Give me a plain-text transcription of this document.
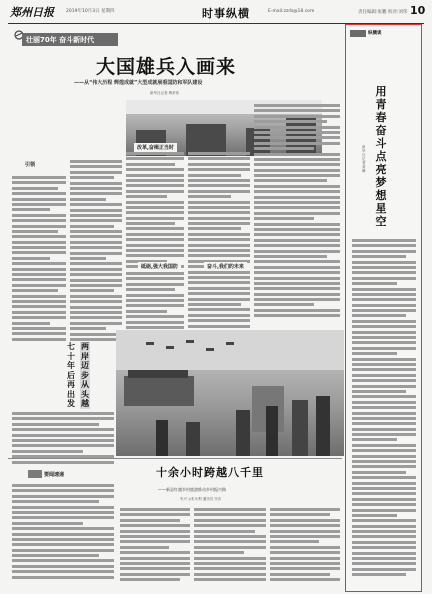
郑州日报	2019年10月3日 星期四	时事纵横	E-mail:zzrb@18.com	责任编辑:张鹏 校对:刘伟 10
壮丽70年 奋斗新时代
大国雄兵入画来
——从“伟大历程 辉煌成就”大型成就展看国防和军队建设
新华社记者 梅常伟
引领
改革,奋楫正当时
砥砺,强大我国防	奋斗,我们的未来
七十年后再出发
两岸迈步从头越
要闻速递	十余小时跨越八千里
——新县红旗乡村旅游推动乡村振兴路
朱兴 ◎朱永利 通讯员 安庆
纵横谈
用青春奋斗点亮梦想星空
新华社记者 姜琳
